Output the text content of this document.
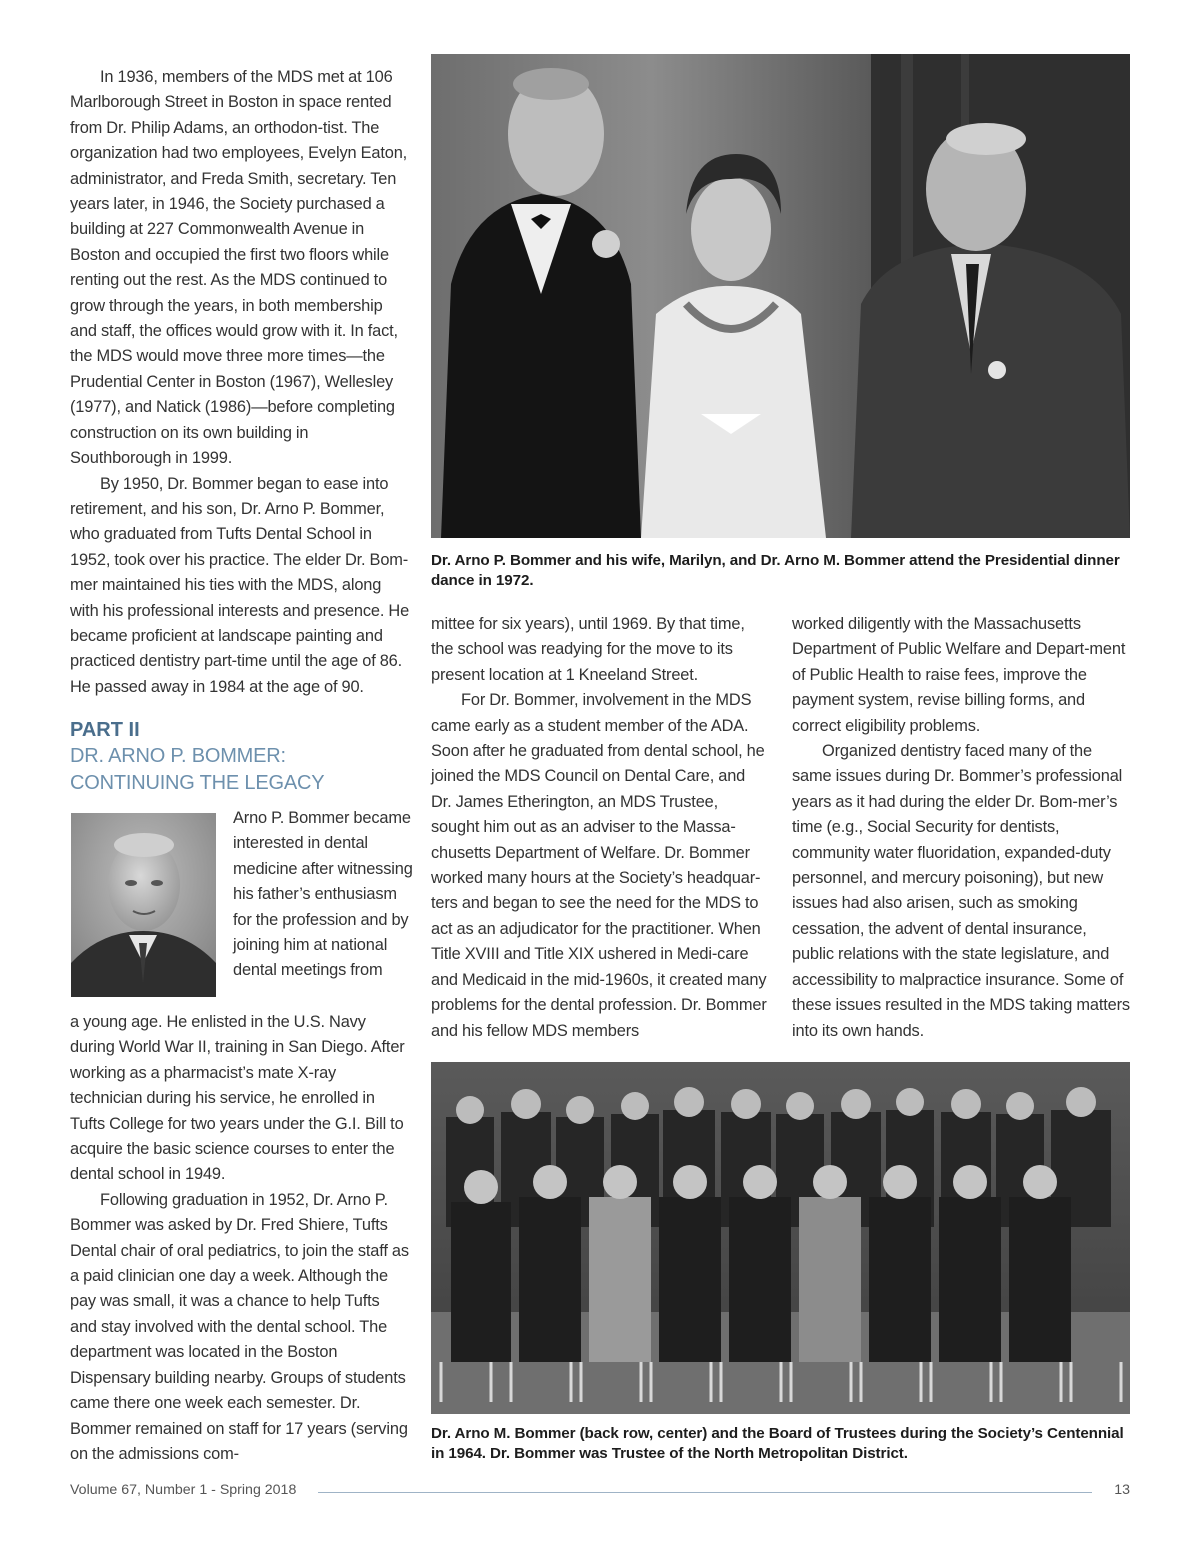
In 1936, members of the MDS met at 106 Marlborough Street in Boston in space rented from Dr. Philip Adams, an orthodon-tist. The organization had two employees, Evelyn Eaton, administrator, and Freda Smith, secretary. Ten years later, in 1946, the Society purchased a building at 227 Commonwealth Avenue in Boston and occupied the first two floors while renting out the rest. As the MDS continued to grow through the years, in both membership and staff, the offices would grow with it. In fact, the MDS would move three more times—the Prudential Center in Boston (1967), Wellesley (1977), and Natick (1986)—before completing construction on its own building in Southborough in 1999.

By 1950, Dr. Bommer began to ease into retirement, and his son, Dr. Arno P. Bommer, who graduated from Tufts Dental School in 1952, took over his practice. The elder Dr. Bom-mer maintained his ties with the MDS, along with his professional interests and presence. He became proficient at landscape painting and practiced dentistry part-time until the age of 86. He passed away in 1984 at the age of 90.

PART II
DR. ARNO P. BOMMER:
CONTINUING THE LEGACY

Arno P. Bommer became interested in dental medicine after witnessing his father’s enthusiasm for the profession and by joining him at national dental meetings from

a young age. He enlisted in the U.S. Navy during World War II, training in San Diego. After working as a pharmacist’s mate X-ray technician during his service, he enrolled in Tufts College for two years under the G.I. Bill to acquire the basic science courses to enter the dental school in 1949.

Following graduation in 1952, Dr. Arno P. Bommer was asked by Dr. Fred Shiere, Tufts Dental chair of oral pediatrics, to join the staff as a paid clinician one day a week. Although the pay was small, it was a chance to help Tufts and stay involved with the dental school. The department was located in the Boston Dispensary building nearby. Groups of students came there one week each semester. Dr. Bommer remained on staff for 17 years (serving on the admissions com-

Dr. Arno P. Bommer and his wife, Marilyn, and Dr. Arno M. Bommer attend the Presidential dinner dance in 1972.

mittee for six years), until 1969. By that time, the school was readying for the move to its present location at 1 Kneeland Street.

For Dr. Bommer, involvement in the MDS came early as a student member of the ADA. Soon after he graduated from dental school, he joined the MDS Council on Dental Care, and Dr. James Etherington, an MDS Trustee, sought him out as an adviser to the Massa-chusetts Department of Welfare. Dr. Bommer worked many hours at the Society’s headquar-ters and began to see the need for the MDS to act as an adjudicator for the practitioner. When Title XVIII and Title XIX ushered in Medi-care and Medicaid in the mid-1960s, it created many problems for the dental profession. Dr. Bommer and his fellow MDS members

worked diligently with the Massachusetts Department of Public Welfare and Depart-ment of Public Health to raise fees, improve the payment system, revise billing forms, and correct eligibility problems.

Organized dentistry faced many of the same issues during Dr. Bommer’s professional years as it had during the elder Dr. Bom-mer’s time (e.g., Social Security for dentists, community water fluoridation, expanded-duty personnel, and mercury poisoning), but new issues had also arisen, such as smoking cessation, the advent of dental insurance, public relations with the state legislature, and accessibility to malpractice insurance. Some of these issues resulted in the MDS taking matters into its own hands.

Dr. Arno M. Bommer (back row, center) and the Board of Trustees during the Society’s Centennial in 1964. Dr. Bommer was Trustee of the North Metropolitan District.
Volume 67, Number 1 - Spring 2018	13
